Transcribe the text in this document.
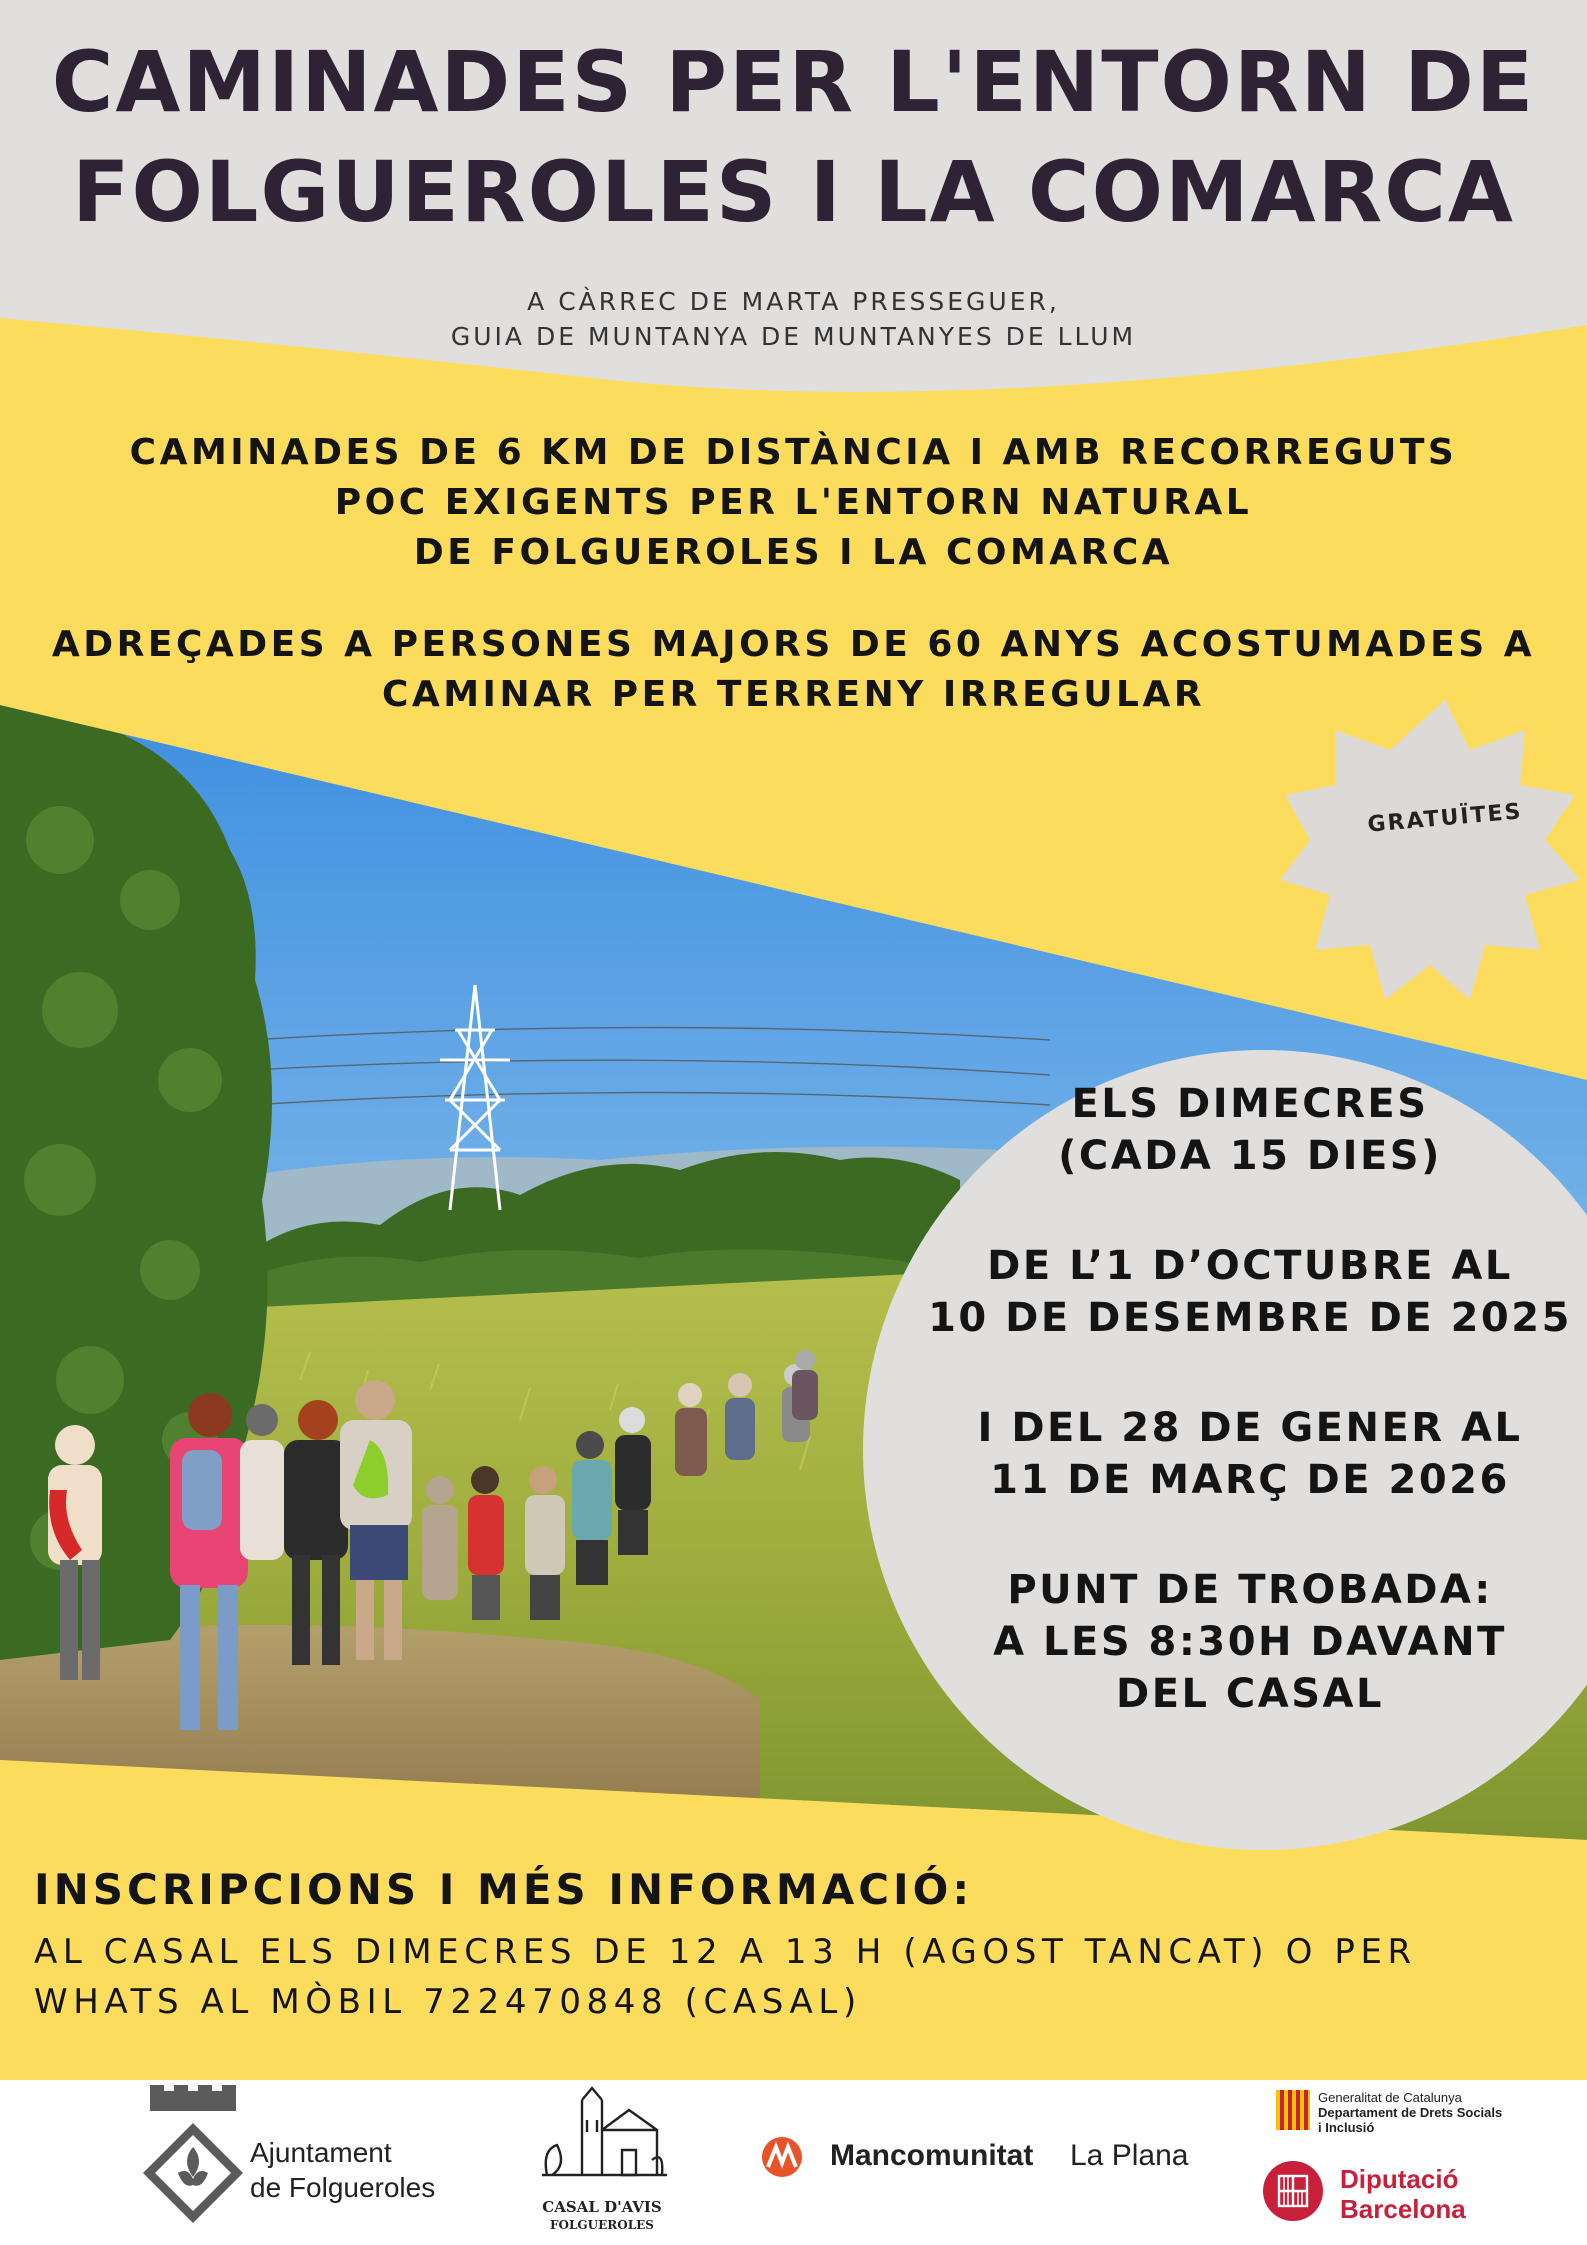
CAMINADES PER L'ENTORN DE
FOLGUEROLES I LA COMARCA
A CÀRREC DE MARTA PRESSEGUER,
GUIA DE MUNTANYA DE MUNTANYES DE LLUM
CAMINADES DE 6 KM DE DISTÀNCIA I AMB RECORREGUTS
POC EXIGENTS PER L'ENTORN NATURAL
DE FOLGUEROLES I LA COMARCA
ADREÇADES A PERSONES MAJORS DE 60 ANYS ACOSTUMADES A
CAMINAR PER TERRENY IRREGULAR
GRATUÏTES
ELS DIMECRES
(CADA 15 DIES)
DE L’1 D’OCTUBRE AL
10 DE DESEMBRE DE 2025
I DEL 28 DE GENER AL
11 DE MARÇ DE 2026
PUNT DE TROBADA:
A LES 8:30H DAVANT
DEL CASAL
INSCRIPCIONS I MÉS INFORMACIÓ:
AL CASAL ELS DIMECRES DE 12 A 13 H (AGOST TANCAT) O PER
WHATS AL MÒBIL 722470848 (CASAL)
Ajuntament
de Folgueroles
CASAL D'AVIS
FOLGUEROLES
Mancomunitat La Plana
Generalitat de Catalunya
Departament de Drets Socials
i Inclusió
Diputació
Barcelona
